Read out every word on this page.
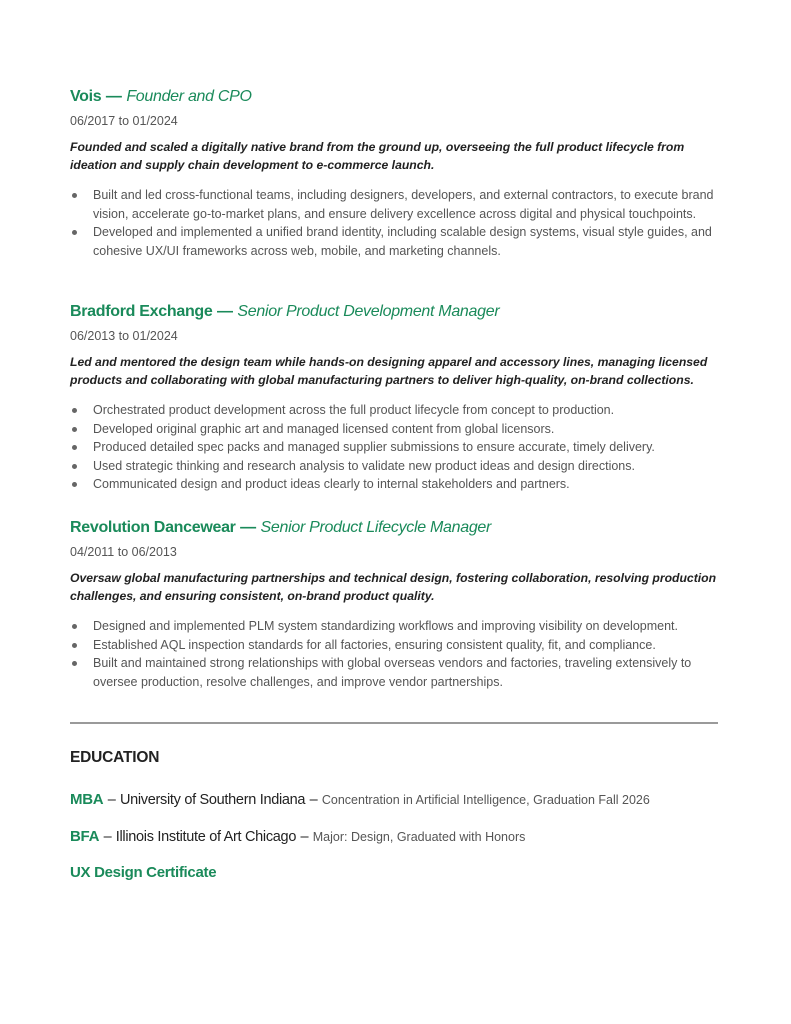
Vois — Founder and CPO
06/2017 to 01/2024
Founded and scaled a digitally native brand from the ground up, overseeing the full product lifecycle from ideation and supply chain development to e-commerce launch.
Built and led cross-functional teams, including designers, developers, and external contractors, to execute brand vision, accelerate go-to-market plans, and ensure delivery excellence across digital and physical touchpoints.
Developed and implemented a unified brand identity, including scalable design systems, visual style guides, and cohesive UX/UI frameworks across web, mobile, and marketing channels.
Bradford Exchange — Senior Product Development Manager
06/2013 to 01/2024
Led and mentored the design team while hands-on designing apparel and accessory lines, managing licensed products and collaborating with global manufacturing partners to deliver high-quality, on-brand collections.
Orchestrated product development across the full product lifecycle from concept to production.
Developed original graphic art and managed licensed content from global licensors.
Produced detailed spec packs and managed supplier submissions to ensure accurate, timely delivery.
Used strategic thinking and research analysis to validate new product ideas and design directions.
Communicated design and product ideas clearly to internal stakeholders and partners.
Revolution Dancewear — Senior Product Lifecycle Manager
04/2011 to 06/2013
Oversaw global manufacturing partnerships and technical design, fostering collaboration, resolving production challenges, and ensuring consistent, on-brand product quality.
Designed and implemented PLM system standardizing workflows and improving visibility on development.
Established AQL inspection standards for all factories, ensuring consistent quality, fit, and compliance.
Built and maintained strong relationships with global overseas vendors and factories, traveling extensively to oversee production, resolve challenges, and improve vendor partnerships.
EDUCATION
MBA – University of Southern Indiana – Concentration in Artificial Intelligence, Graduation Fall 2026
BFA – Illinois Institute of Art Chicago – Major: Design, Graduated with Honors
UX Design Certificate
